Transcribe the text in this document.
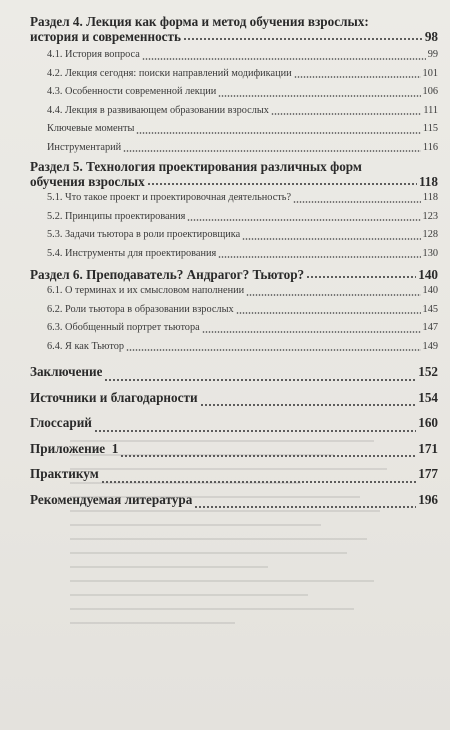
Раздел 4. Лекция как форма и метод обучения взрослых:
история и современность	98
4.1. История вопроса	99
4.2. Лекция сегодня: поиски направлений модификации	101
4.3. Особенности современной лекции	106
4.4. Лекция в развивающем образовании взрослых	111
Ключевые моменты	115
Инструментарий	116
Раздел 5. Технология проектирования различных форм
обучения взрослых	118
5.1. Что такое проект и проектировочная деятельность?	118
5.2. Принципы проектирования	123
5.3. Задачи тьютора в роли проектировщика	128
5.4. Инструменты для проектирования	130
Раздел 6. Преподаватель? Андрагог? Тьютор?	140
6.1. О терминах и их смысловом наполнении	140
6.2. Роли тьютора в образовании взрослых	145
6.3. Обобщенный портрет тьютора	147
6.4. Я как Тьютор	149
Заключение	152
Источники и благодарности	154
Глоссарий	160
Приложение  1	171
Практикум	177
Рекомендуемая литература	196
